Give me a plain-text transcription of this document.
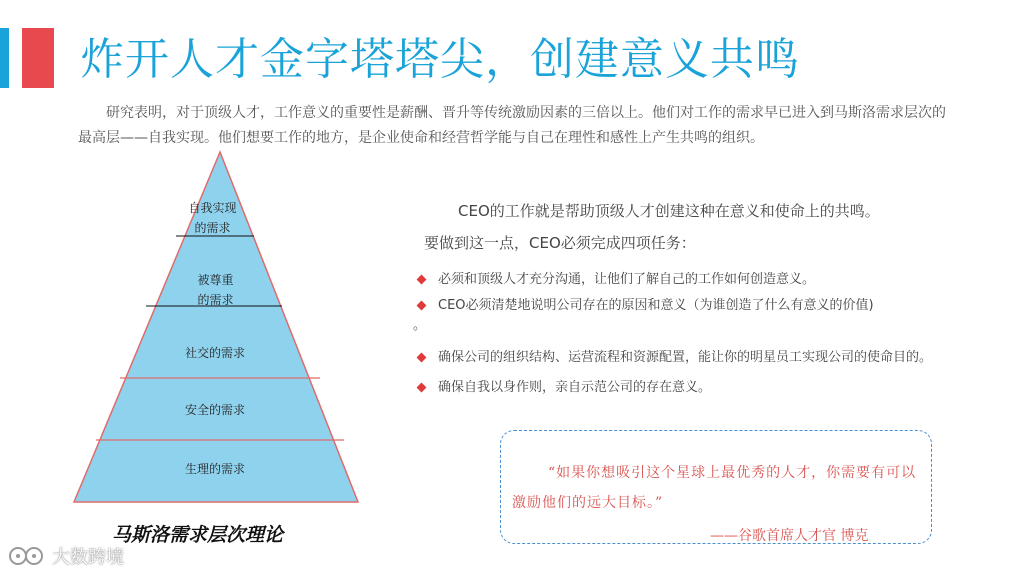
炸开人才金字塔塔尖，创建意义共鸣
研究表明，对于顶级人才，工作意义的重要性是薪酬、晋升等传统激励因素的三倍以上。他们对工作的需求早已进入到马斯洛需求层次的最高层——自我实现。他们想要工作的地方，是企业使命和经营哲学能与自己在理性和感性上产生共鸣的组织。
自我实现
的需求
被尊重
的需求
社交的需求
安全的需求
生理的需求
马斯洛需求层次理论
CEO的工作就是帮助顶级人才创建这种在意义和使命上的共鸣。
要做到这一点，CEO必须完成四项任务：
必须和顶级人才充分沟通，让他们了解自己的工作如何创造意义。
CEO必须清楚地说明公司存在的原因和意义（为谁创造了什么有意义的价值)
确保公司的组织结构、运营流程和资源配置，能让你的明星员工实现公司的使命目的。
确保自我以身作则，亲自示范公司的存在意义。
。
“如果你想吸引这个星球上最优秀的人才，你需要有可以激励他们的远大目标。”
——谷歌首席人才官 博克
大数跨境
